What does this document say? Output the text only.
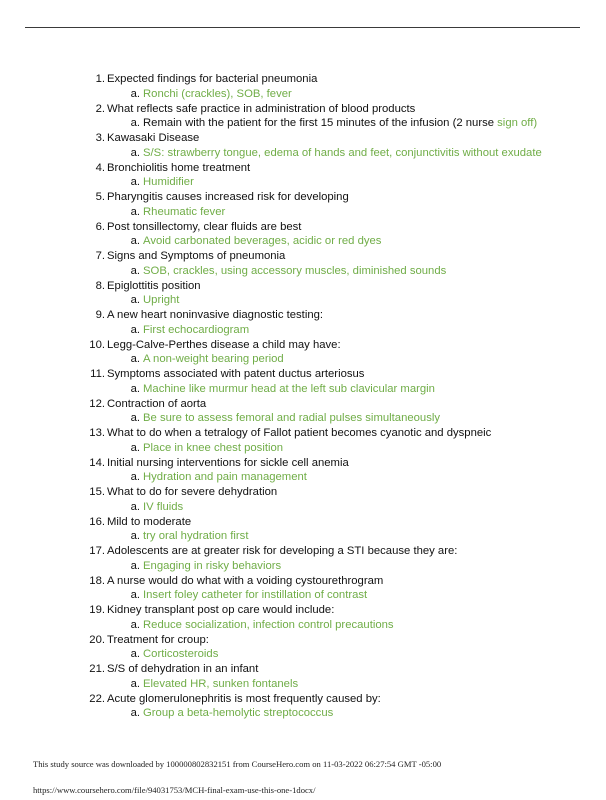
1. Expected findings for bacterial pneumonia
a. Ronchi (crackles), SOB, fever
2. What reflects safe practice in administration of blood products
a. Remain with the patient for the first 15 minutes of the infusion (2 nurse sign off)
3. Kawasaki Disease
a. S/S: strawberry tongue, edema of hands and feet, conjunctivitis without exudate
4. Bronchiolitis home treatment
a. Humidifier
5. Pharyngitis causes increased risk for developing
a. Rheumatic fever
6. Post tonsillectomy, clear fluids are best
a. Avoid carbonated beverages, acidic or red dyes
7. Signs and Symptoms of pneumonia
a. SOB, crackles, using accessory muscles, diminished sounds
8. Epiglottitis position
a. Upright
9. A new heart noninvasive diagnostic testing:
a. First echocardiogram
10. Legg-Calve-Perthes disease a child may have:
a. A non-weight bearing period
11. Symptoms associated with patent ductus arteriosus
a. Machine like murmur head at the left sub clavicular margin
12. Contraction of aorta
a. Be sure to assess femoral and radial pulses simultaneously
13. What to do when a tetralogy of Fallot patient becomes cyanotic and dyspneic
a. Place in knee chest position
14. Initial nursing interventions for sickle cell anemia
a. Hydration and pain management
15. What to do for severe dehydration
a. IV fluids
16. Mild to moderate
a. try oral hydration first
17. Adolescents are at greater risk for developing a STI because they are:
a. Engaging in risky behaviors
18. A nurse would do what with a voiding cystourethrogram
a. Insert foley catheter for instillation of contrast
19. Kidney transplant post op care would include:
a. Reduce socialization, infection control precautions
20. Treatment for croup:
a. Corticosteroids
21. S/S of dehydration in an infant
a. Elevated HR, sunken fontanels
22. Acute glomerulonephritis is most frequently caused by:
a. Group a beta-hemolytic streptococcus
This study source was downloaded by 100000802832151 from CourseHero.com on 11-03-2022 06:27:54 GMT -05:00
https://www.coursehero.com/file/94031753/MCH-final-exam-use-this-one-1docx/
